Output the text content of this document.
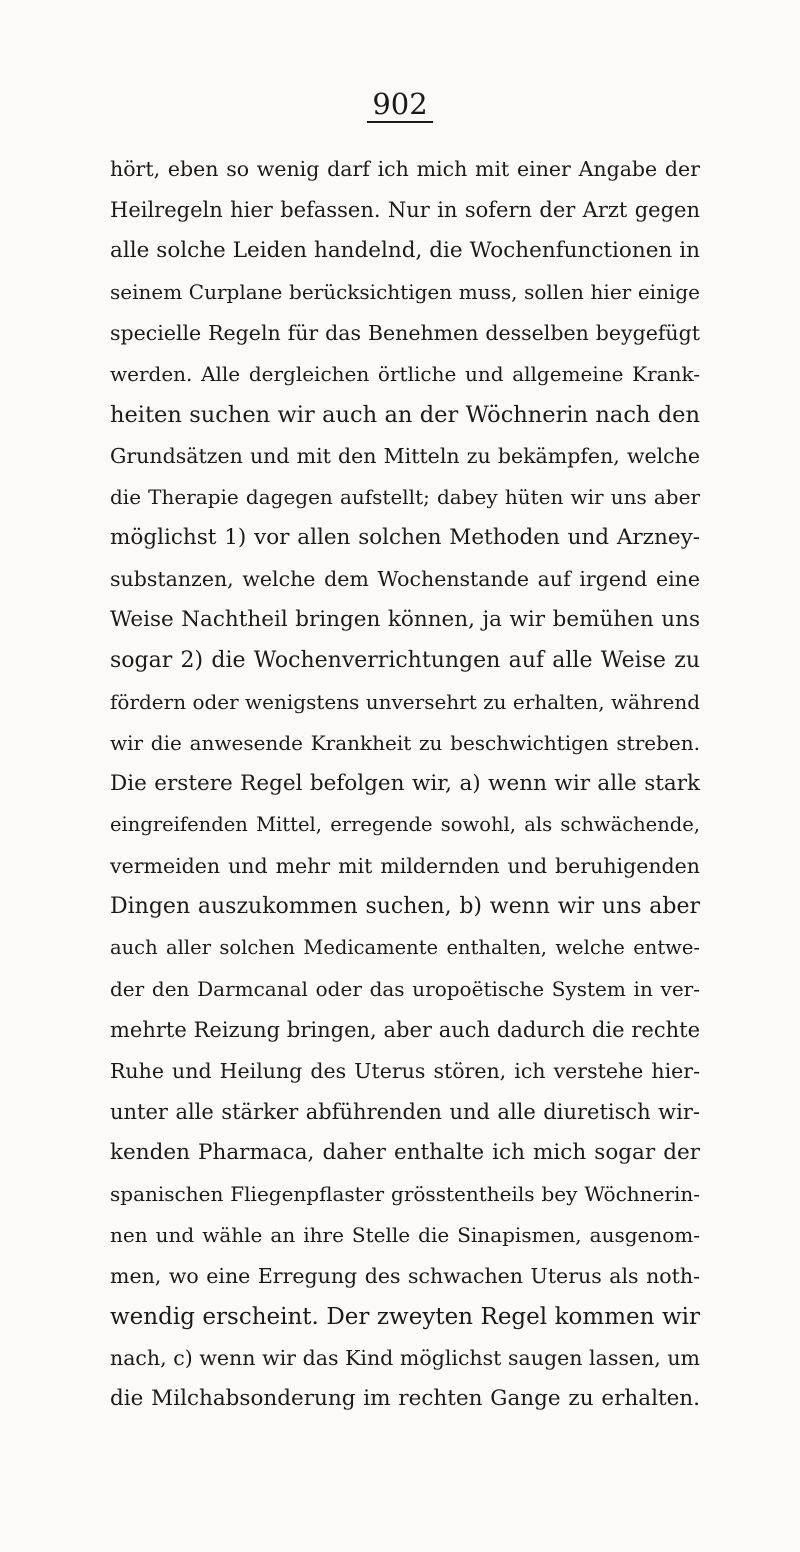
902
hört, eben so wenig darf ich mich mit einer Angabe der
Heilregeln hier befassen. Nur in sofern der Arzt gegen
alle solche Leiden handelnd, die Wochenfunctionen in
seinem Curplane berücksichtigen muss, sollen hier einige
specielle Regeln für das Benehmen desselben beygefügt
werden. Alle dergleichen örtliche und allgemeine Krank-
heiten suchen wir auch an der Wöchnerin nach den
Grundsätzen und mit den Mitteln zu bekämpfen, welche
die Therapie dagegen aufstellt; dabey hüten wir uns aber
möglichst 1) vor allen solchen Methoden und Arzney-
substanzen, welche dem Wochenstande auf irgend eine
Weise Nachtheil bringen können, ja wir bemühen uns
sogar 2) die Wochenverrichtungen auf alle Weise zu
fördern oder wenigstens unversehrt zu erhalten, während
wir die anwesende Krankheit zu beschwichtigen streben.
Die erstere Regel befolgen wir, a) wenn wir alle stark
eingreifenden Mittel, erregende sowohl, als schwächende,
vermeiden und mehr mit mildernden und beruhigenden
Dingen auszukommen suchen, b) wenn wir uns aber
auch aller solchen Medicamente enthalten, welche entwe-
der den Darmcanal oder das uropoëtische System in ver-
mehrte Reizung bringen, aber auch dadurch die rechte
Ruhe und Heilung des Uterus stören, ich verstehe hier-
unter alle stärker abführenden und alle diuretisch wir-
kenden Pharmaca, daher enthalte ich mich sogar der
spanischen Fliegenpflaster grösstentheils bey Wöchnerin-
nen und wähle an ihre Stelle die Sinapismen, ausgenom-
men, wo eine Erregung des schwachen Uterus als noth-
wendig erscheint. Der zweyten Regel kommen wir
nach, c) wenn wir das Kind möglichst saugen lassen, um
die Milchabsonderung im rechten Gange zu erhalten.
